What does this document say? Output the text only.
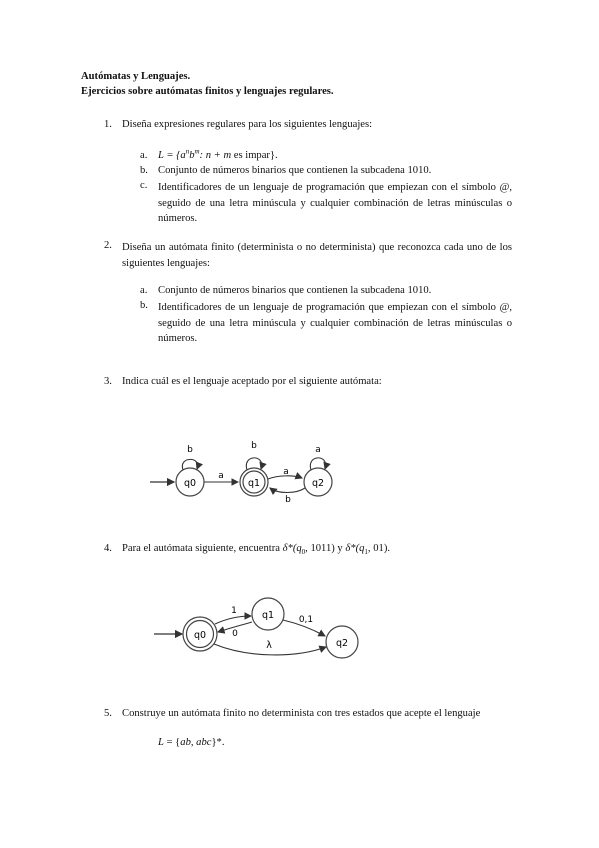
Autómatas y Lenguajes.
Ejercicios sobre autómatas finitos y lenguajes regulares.
1. Diseña expresiones regulares para los siguientes lenguajes:
a. $L = \{a^nb^m$: n + m es impar}.
b. Conjunto de números binarios que contienen la subcadena 1010.
c. Identificadores de un lenguaje de programación que empiezan con el símbolo @, seguido de una letra minúscula y cualquier combinación de letras minúsculas o números.
2. Diseña un autómata finito (determinista o no determinista) que reconozca cada uno de los siguientes lenguajes:
a. Conjunto de números binarios que contienen la subcadena 1010.
b. Identificadores de un lenguaje de programación que empiezan con el símbolo @, seguido de una letra minúscula y cualquier combinación de letras minúsculas o números.
3. Indica cuál es el lenguaje aceptado por el siguiente autómata:
q0	q1	q2
b	b	a
a	a
b
4. Para el autómata siguiente, encuentra $\delta*(q_0$, 1011) y $\delta*(q_1$, 01).
q0
q1
q2
1
0
0,1
λ
5. Construye un autómata finito no determinista con tres estados que acepte el lenguaje
L = {ab, abc}*.
